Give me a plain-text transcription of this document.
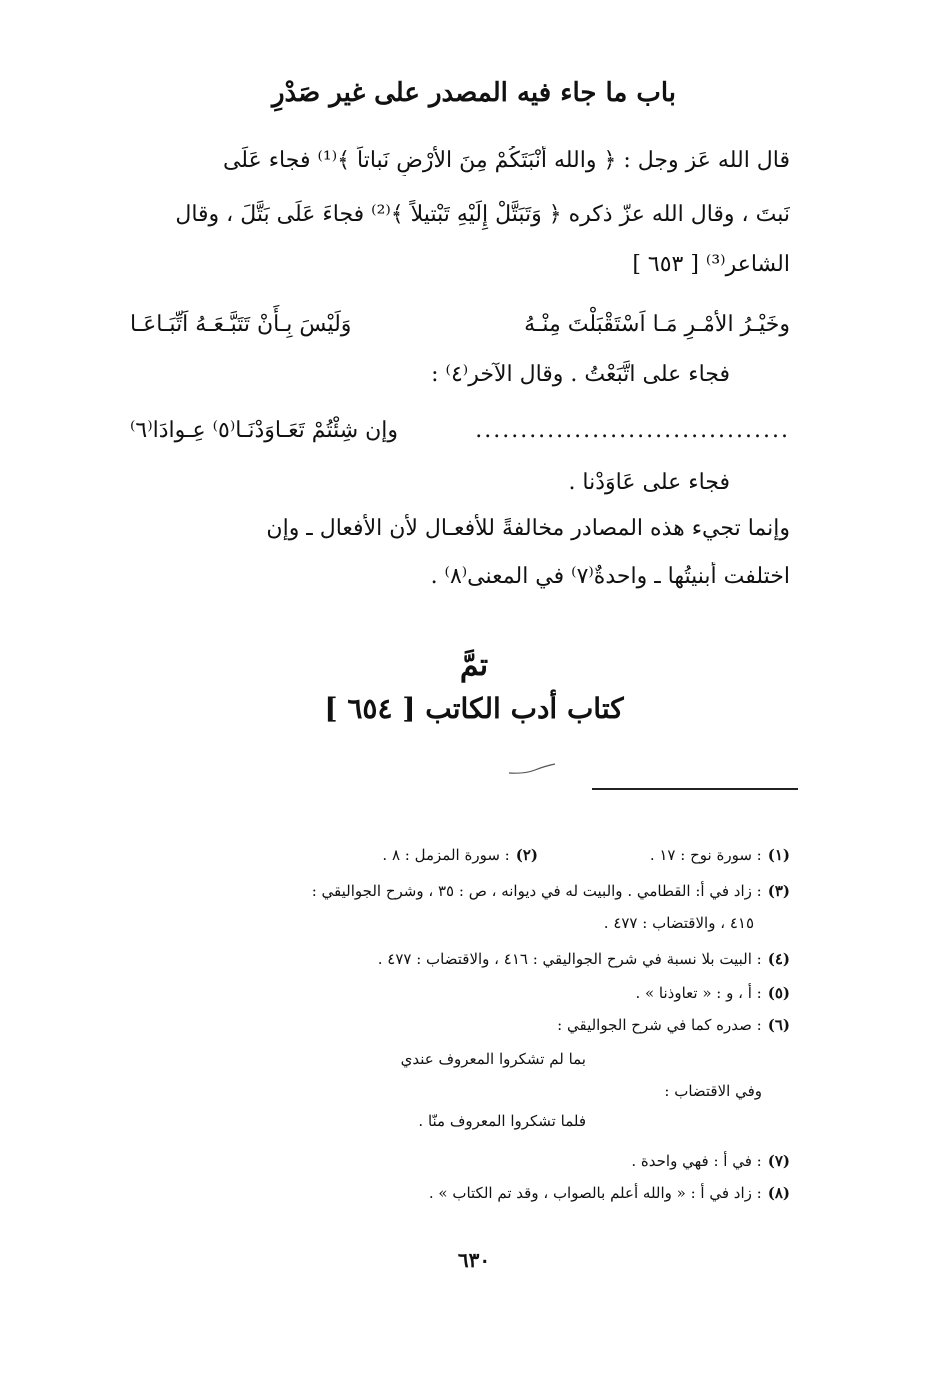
باب ما جاء فيه المصدر على غير صَدْرِ
قال الله عَز وجل : ﴿ والله أَنْبَتَكُمْ مِنَ الأَرْضِ نَباتاً ﴾⁽¹⁾ فجاء عَلَى
نَبتَ ، وقال الله عزّ ذكره ﴿ وَتَبَتَّلْ إِلَيْهِ تَبْتيلاً ﴾⁽²⁾ فجاءَ عَلَى بَتَّلَ ، وقال
الشاعر⁽³⁾ [ ٦٥٣ ]
وخَيْـرُ الأمْـرِ مَـا اَسْتَقْبَلْتَ مِنْـهُ
وَلَيْسَ بِـأَنْ تَتَبَّـعَـهُ اَتِّبَـاعَـا
فجاء على اتَّبَعْتُ . وقال الآخر⁽٤⁾ :
...................................
وإن شِئْتُمْ تَعَـاوَدْنَـا⁽٥⁾ عِـوادَا⁽٦⁾
فجاء على عَاوَدْنا .
وإنما تجيء هذه المصادر مخالفةً للأفعـال لأن الأفعال ـ وإن
اختلفت أبنيتُها ـ واحدةٌ⁽٧⁾ في المعنى⁽٨⁾ .
تمَّ
كتاب أدب الكاتب [ ٦٥٤ ]
(١): سورة نوح : ١٧ .
(٢): سورة المزمل : ٨ .
(٣): زاد في أ: القطامي . والبيت له في ديوانه ، ص : ٣٥ ، وشرح الجواليقي :
٤١٥ ، والاقتضاب : ٤٧٧ .
(٤): البيت بلا نسبة في شرح الجواليقي : ٤١٦ ، والاقتضاب : ٤٧٧ .
(٥): أ ، و : « تعاوذنا » .
(٦): صدره كما في شرح الجواليقي :
بما لم تشكروا المعروف عندي
وفي الاقتضاب :
فلما تشكروا المعروف منّا .
(٧): في أ : فهي واحدة .
(٨): زاد في أ : « والله أعلم بالصواب ، وقد تم الكتاب » .
٦٣٠
